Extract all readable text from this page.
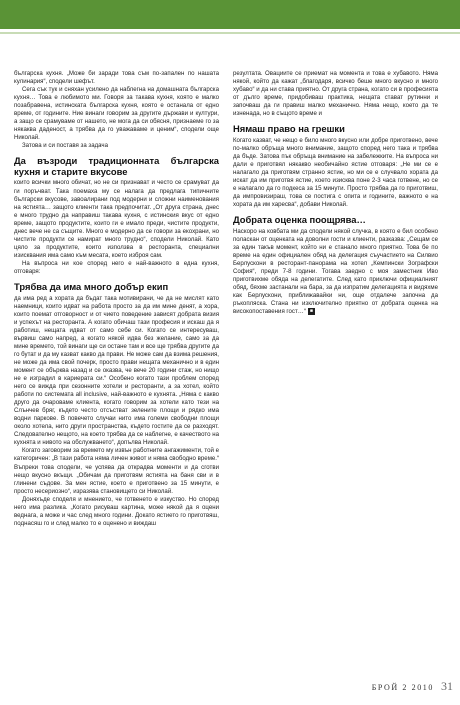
българска кухня. „Може би заради това съм по-запален по нашата кулинария“, сподели шефът.

Сега сък тук и сняхан усилено да наблегна на домашната българска кухня… Това е любимото ми. Говоря за такава кухня, която е малко позабравена, истинската българска кухня, която е останала от едно време, от годините. Ние винаги говорим за другите държави и култури, а защо се срамуваме от нашето, не мога да си обясня, признаеме го за някаква даденост, а трябва да го уважаваме и ценим“, сподели още Николай.

Затова и си поставя за задача

Да възроди традиционната българска кухня и старите вкусове

които всички много обичат, но не си признават и често се срамуват да ги поръчват. Така поемаха му се налага да предлага типичните български вкусове, завоалирани под модерни и сложни наименования на ястията… защото клиенти така предпочитат. „От друга страна, днес е много трудно да направиш такава кухня, с истинския вкус от едно време, защото продуктите, които ги е имало преди, чистите продукти, днес вече не са същите. Много е модерно да се говори за екохрани, но чистите продукти се намират много трудно“, сподели Николай. Като цяло за продуктите, които използва в ресторанта, специални изисквания има само към месата, което изброя сам.

На въпроса ни кое според него е най-важното в една кухня, отговаря:

Трябва да има много добър екип

да има ред а хората да бъдат така мотивирани, че да не мислят като наемници, които идват на работа просто за да им мине денят, а хора, които поемат отговорност и от чието поведение зависят добрата визия и успехът на ресторанта. А когато обичаш тази професия и искаш да я работиш, нещата идват от само себе си. Когато се интересуваш, вървиш само напред, а когато някой идва без желание, само за да мине времето, той винаги ще си остане там и все ще трябва другите да го бутат и да му казват какво да прави. Не може сам да взима решения, не може да има свой почерк, просто прави нещата механично и в един момент се обърква назад и се оказва, че вече 20 години стаж, но нищо не е изградил в кариерата си.“ Особено когато тази проблем според него се вижда при сезонните хотели и ресторанти, а за хотел, който работи по системата all inclusive, най-важното е кухнята. „Няма с какво друго да очароваме клиента, когато говорим за хотели като тези на Слънчев бряг, където често отсъстват зелените площи и рядко има водни паркове. В повечето случаи нито има големи свободни площи около хотела, нито други пространства, където гостите да се разходят. Следователно нещото, на което трябва да се наблегне, е качеството на кухнята и нивото на обслужването“, допълва Николай.

Когато заговорим за времето му извън работните ангажименти, той е категоричен: „В тази работа няма личен живот и няма свободно време.“ Въпреки това сподели, че успява да открадва моменти и да сготви нещо вкусно вкъщи. „Обичам да приготвям ястията на баня сви и в глинени съдове. За мен ястие, което е приготвено за 15 минути, е просто несериозно“, изразява становището си Николай.

Доняхъде споделя и мнението, че готвенето е изкуство. Но според него има разлика. „Когато рисуваш картина, може някой да я оцени веднага, а може и час след много години. Докато ястието го приготвяш, поднасяш го и след малко то е оценено и виждаш

резултата. Овациите се приемат на момента и това е хубавото. Няма някой, който да кажат „благодаря, всичко беше много вкусно и много хубаво“ и да ни става приятно. От друга страна, когато си в професията от дълго време, придобиваш практика, нещата стават рутинни и започваш да ги правиш малко механично. Няма нещо, което да те изненада, но в същото време и

Нямаш право на грешки

Когато казват, че нещо е било много вкусно или добре приготвено, вече по-малко обръща много внимание, защото според него така и трябва да бъде. Затова пък обръща внимание на забележките. На въпроса ни дали е приготвял някакво необичайно ястие отговаря: „Не ми се е налагало да приготвям странно ястие, но ми се е случвало хората да искат да им приготвя ястие, което изисква поне 2-3 часа готвене, но се е налагало да го подкеса за 15 минути. Просто трябва да го приготвиш, да импровизираш, това се постига с опита и годините, важното е на хората да им харесва“, добави Николай.

Добрата оценка поощрява…

Наскоро на ковбата ми да сподели някой случка, в която е бил особено поласкан от оценката на доволни гости и клиенти, разказва: „Сещам се за един такъв момент, който ни е станало много приятно. Това бе по време на един официален обяд на делегация съучастието на Силвио Берлускони в ресторант-панорама на хотел „Кемпински Зографски София“, преди 7-8 години. Тогава заедно с моя заместник Иво приготвихме обяда на делегатите. След като приключи официалният обяд, бяхме застанали на бара, за да изпратим делегацията и видяхме как Берлускони, приближавайки ни, още отдалече започна да ръкопляска. Стана ни изключително приятно от добрата оценка на високопоставения гост…“ ■

БРОЙ 2 2010 31
